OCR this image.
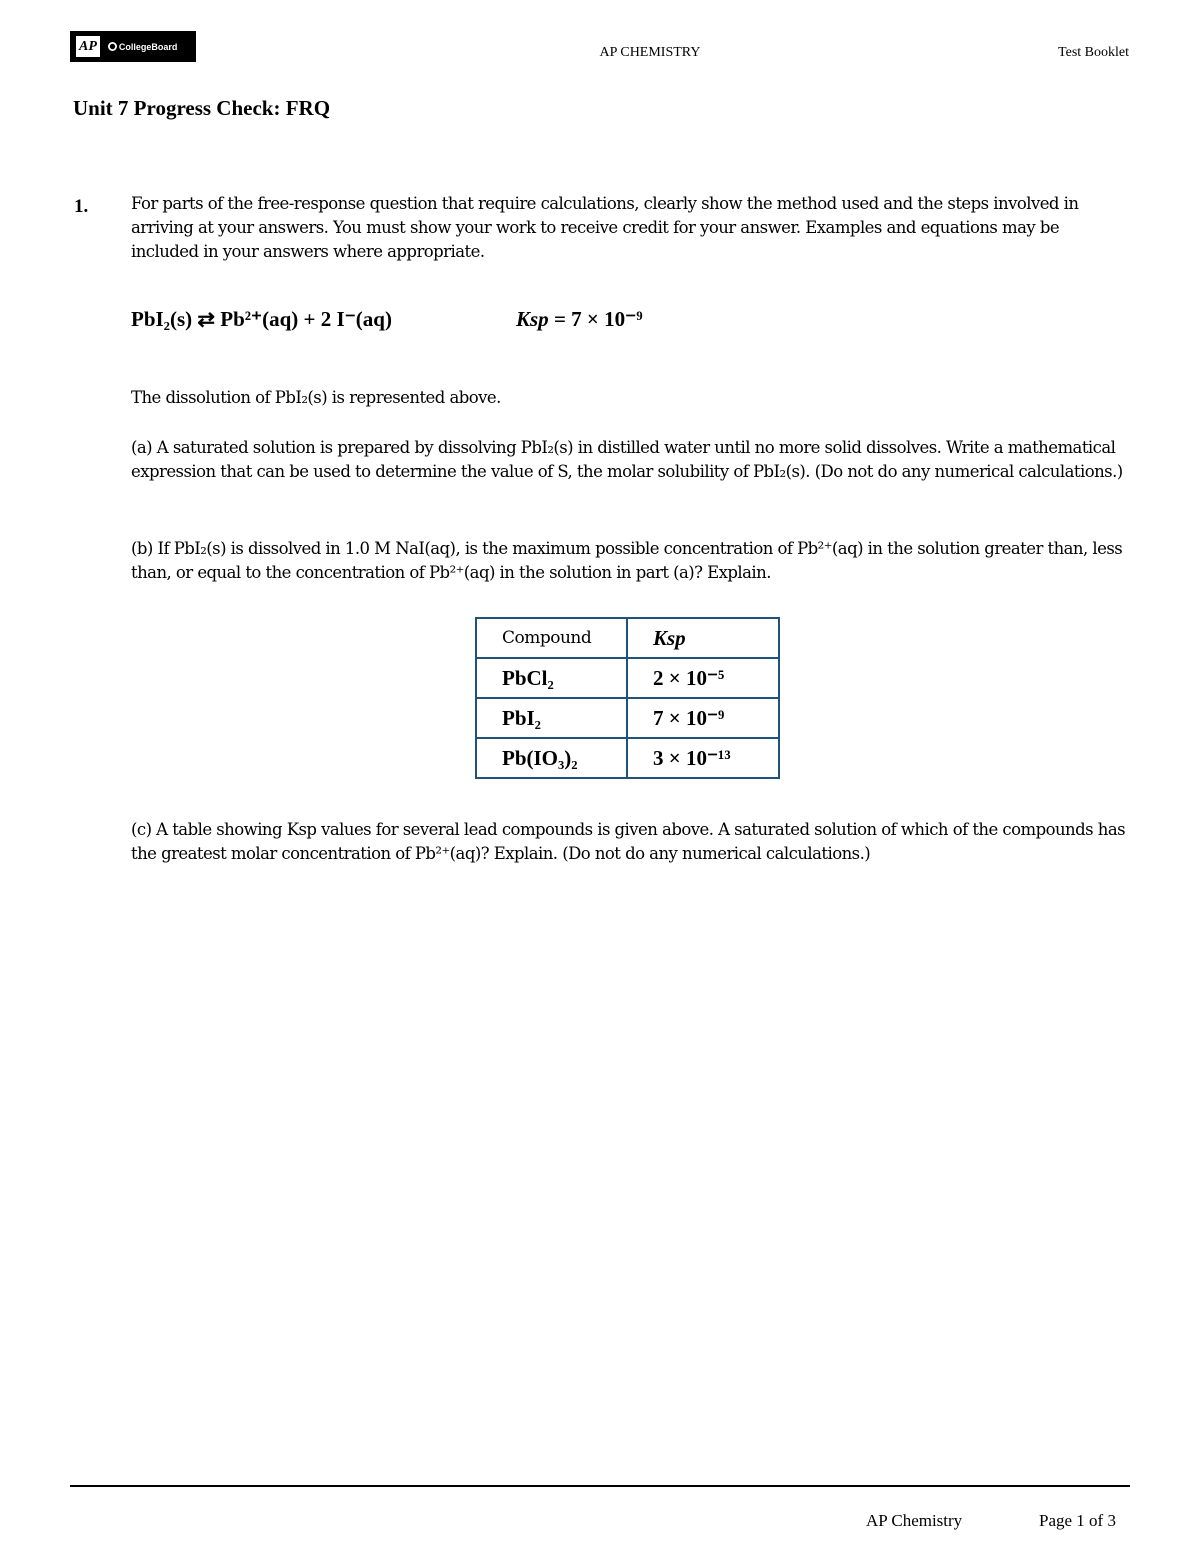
AP	CollegeBoard	AP CHEMISTRY	Test Booklet
Unit 7 Progress Check: FRQ
1.	For parts of the free-response question that require calculations, clearly show the method used and the steps involved in arriving at your answers. You must show your work to receive credit for your answer. Examples and equations may be included in your answers where appropriate.
PbI₂(s) ⇄ Pb²⁺(aq) + 2 I⁻(aq)	Ksp = 7 × 10⁻⁹
The dissolution of PbI₂(s) is represented above.
(a) A saturated solution is prepared by dissolving PbI₂(s) in distilled water until no more solid dissolves. Write a mathematical expression that can be used to determine the value of S, the molar solubility of PbI₂(s). (Do not do any numerical calculations.)
(b) If PbI₂(s) is dissolved in 1.0 M NaI(aq), is the maximum possible concentration of Pb²⁺(aq) in the solution greater than, less than, or equal to the concentration of Pb²⁺(aq) in the solution in part (a)? Explain.
Compound	Ksp
PbCl₂	2 × 10⁻⁵
PbI₂	7 × 10⁻⁹
Pb(IO₃)₂	3 × 10⁻¹³
(c) A table showing Ksp values for several lead compounds is given above. A saturated solution of which of the compounds has the greatest molar concentration of Pb²⁺(aq)? Explain. (Do not do any numerical calculations.)
AP Chemistry	Page 1 of 3
